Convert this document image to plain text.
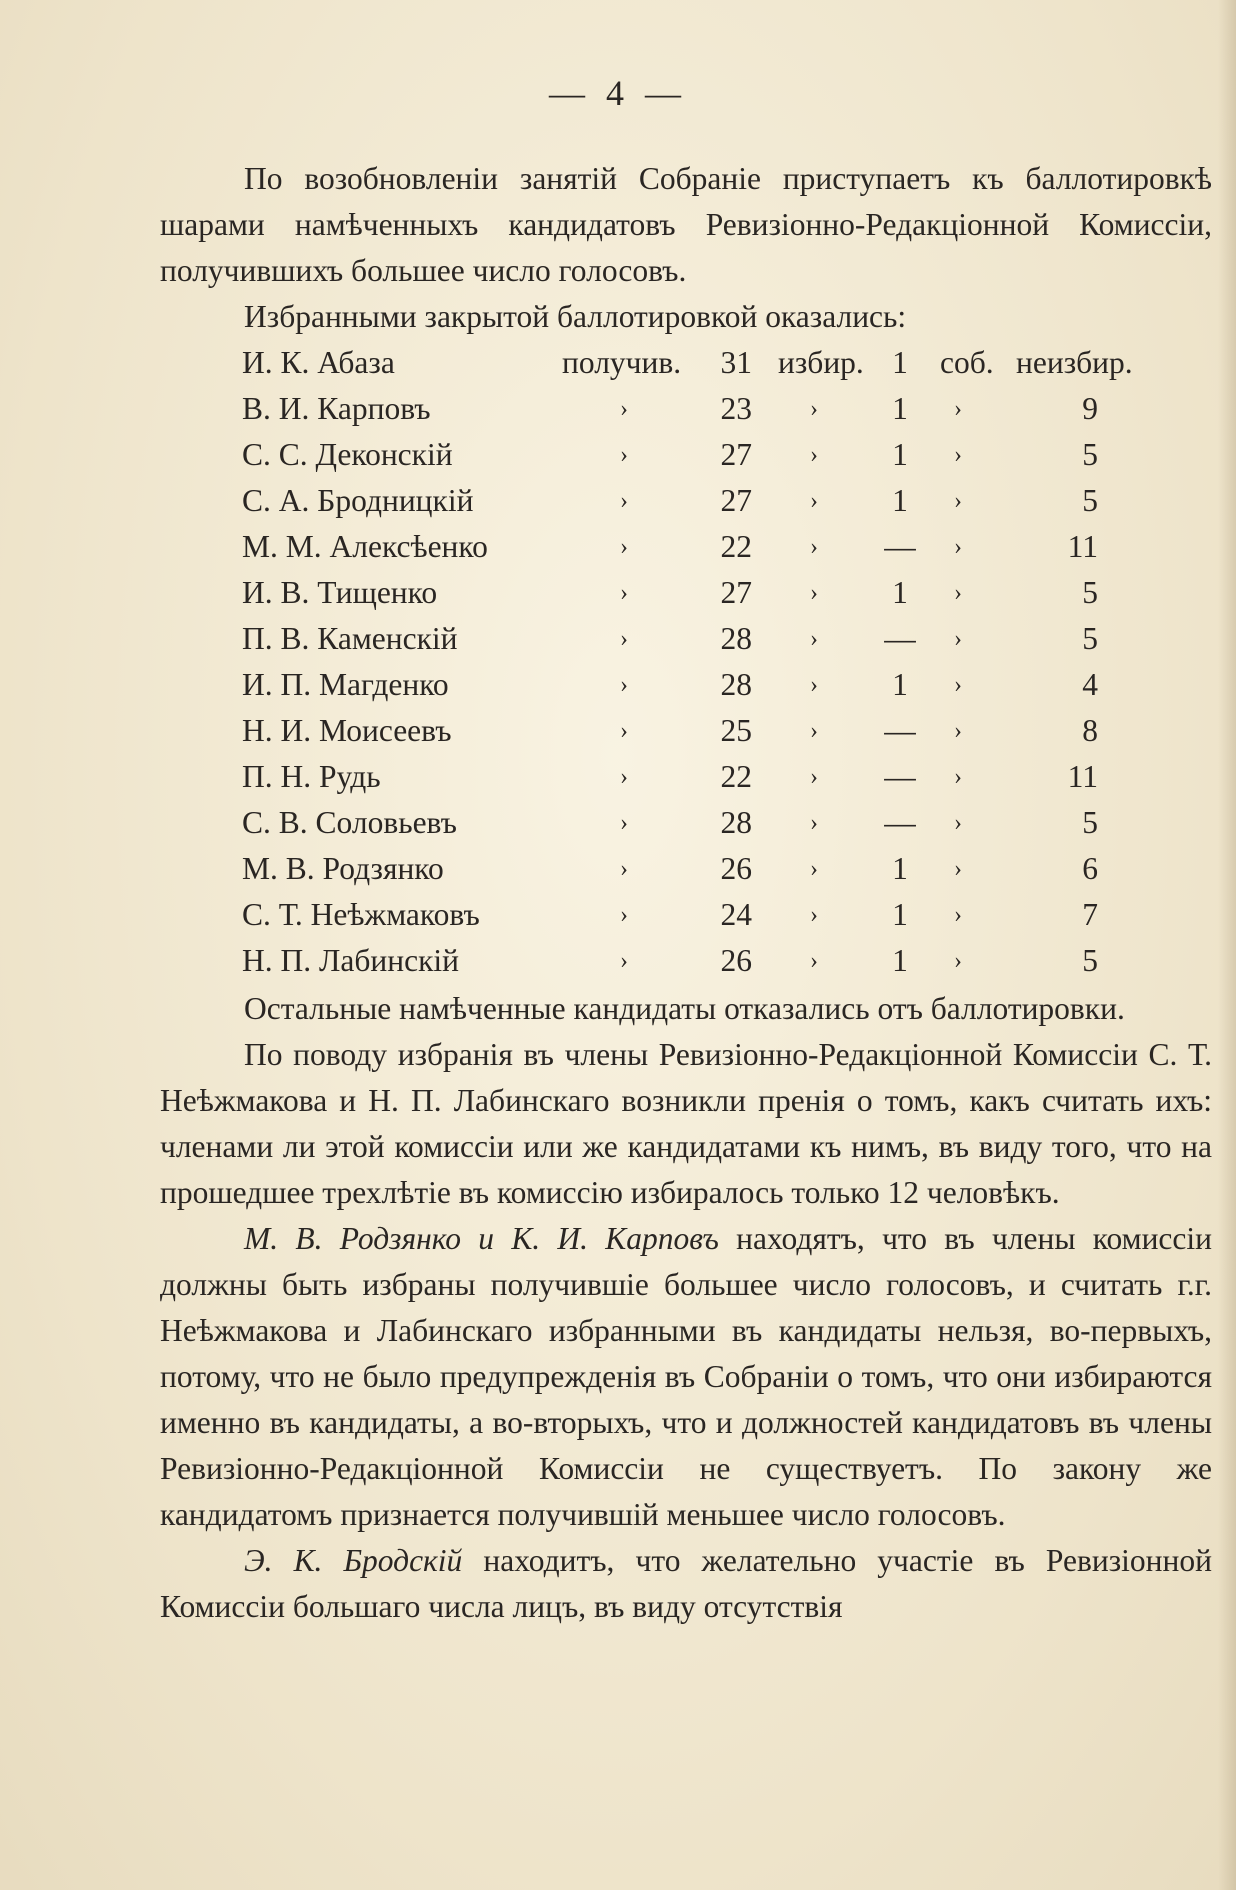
— 4 —

По возобновленіи занятій Собраніе приступаетъ къ баллотировкѣ шарами намѣченныхъ кандидатовъ Ревизіонно-Редакціонной Комиссіи, получившихъ большее число голосовъ.

Избранными закрытой баллотировкой оказались:

И. К. Абаза	получив. 31 избир. 1	соб. неизбир.
В. И. Карповъ	›	23 ›	1	›	9
С. С. Деконскій	›	27 ›	1	›	5
С. А. Бродницкій	›	27 ›	1	›	5
М. М. Алексѣенко	›	22 ›	—	›	11
И. В. Тищенко	›	27 ›	1	›	5
П. В. Каменскій	›	28 ›	—	›	5
И. П. Магденко	›	28 ›	1	›	4
Н. И. Моисеевъ	›	25 ›	—	›	8
П. Н. Рудь	›	22 ›	—	›	11
С. В. Соловьевъ	›	28 ›	—	›	5
М. В. Родзянко	›	26 ›	1	›	6
С. Т. Неѣжмаковъ	›	24 ›	1	›	7
Н. П. Лабинскій	›	26 ›	1	›	5

Остальные намѣченные кандидаты отказались отъ баллотировки.

По поводу избранія въ члены Ревизіонно-Редакціонной Комиссіи С. Т. Неѣжмакова и Н. П. Лабинскаго возникли пренія о томъ, какъ считать ихъ: членами ли этой комиссіи или же кандидатами къ нимъ, въ виду того, что на прошедшее трехлѣтіе въ комиссію избиралось только 12 человѣкъ.

М. В. Родзянко и К. И. Карповъ находятъ, что въ члены комиссіи должны быть избраны получившіе большее число голосовъ, и считать г.г. Неѣжмакова и Лабинскаго избранными въ кандидаты нельзя, во-первыхъ, потому, что не было предупрежденія въ Собраніи о томъ, что они избираются именно въ кандидаты, а во-вторыхъ, что и должностей кандидатовъ въ члены Ревизіонно-Редакціонной Комиссіи не существуетъ. По закону же кандидатомъ признается получившій меньшее число голосовъ.

Э. К. Бродскій находитъ, что желательно участіе въ Ревизіонной Комиссіи большаго числа лицъ, въ виду отсутствія
